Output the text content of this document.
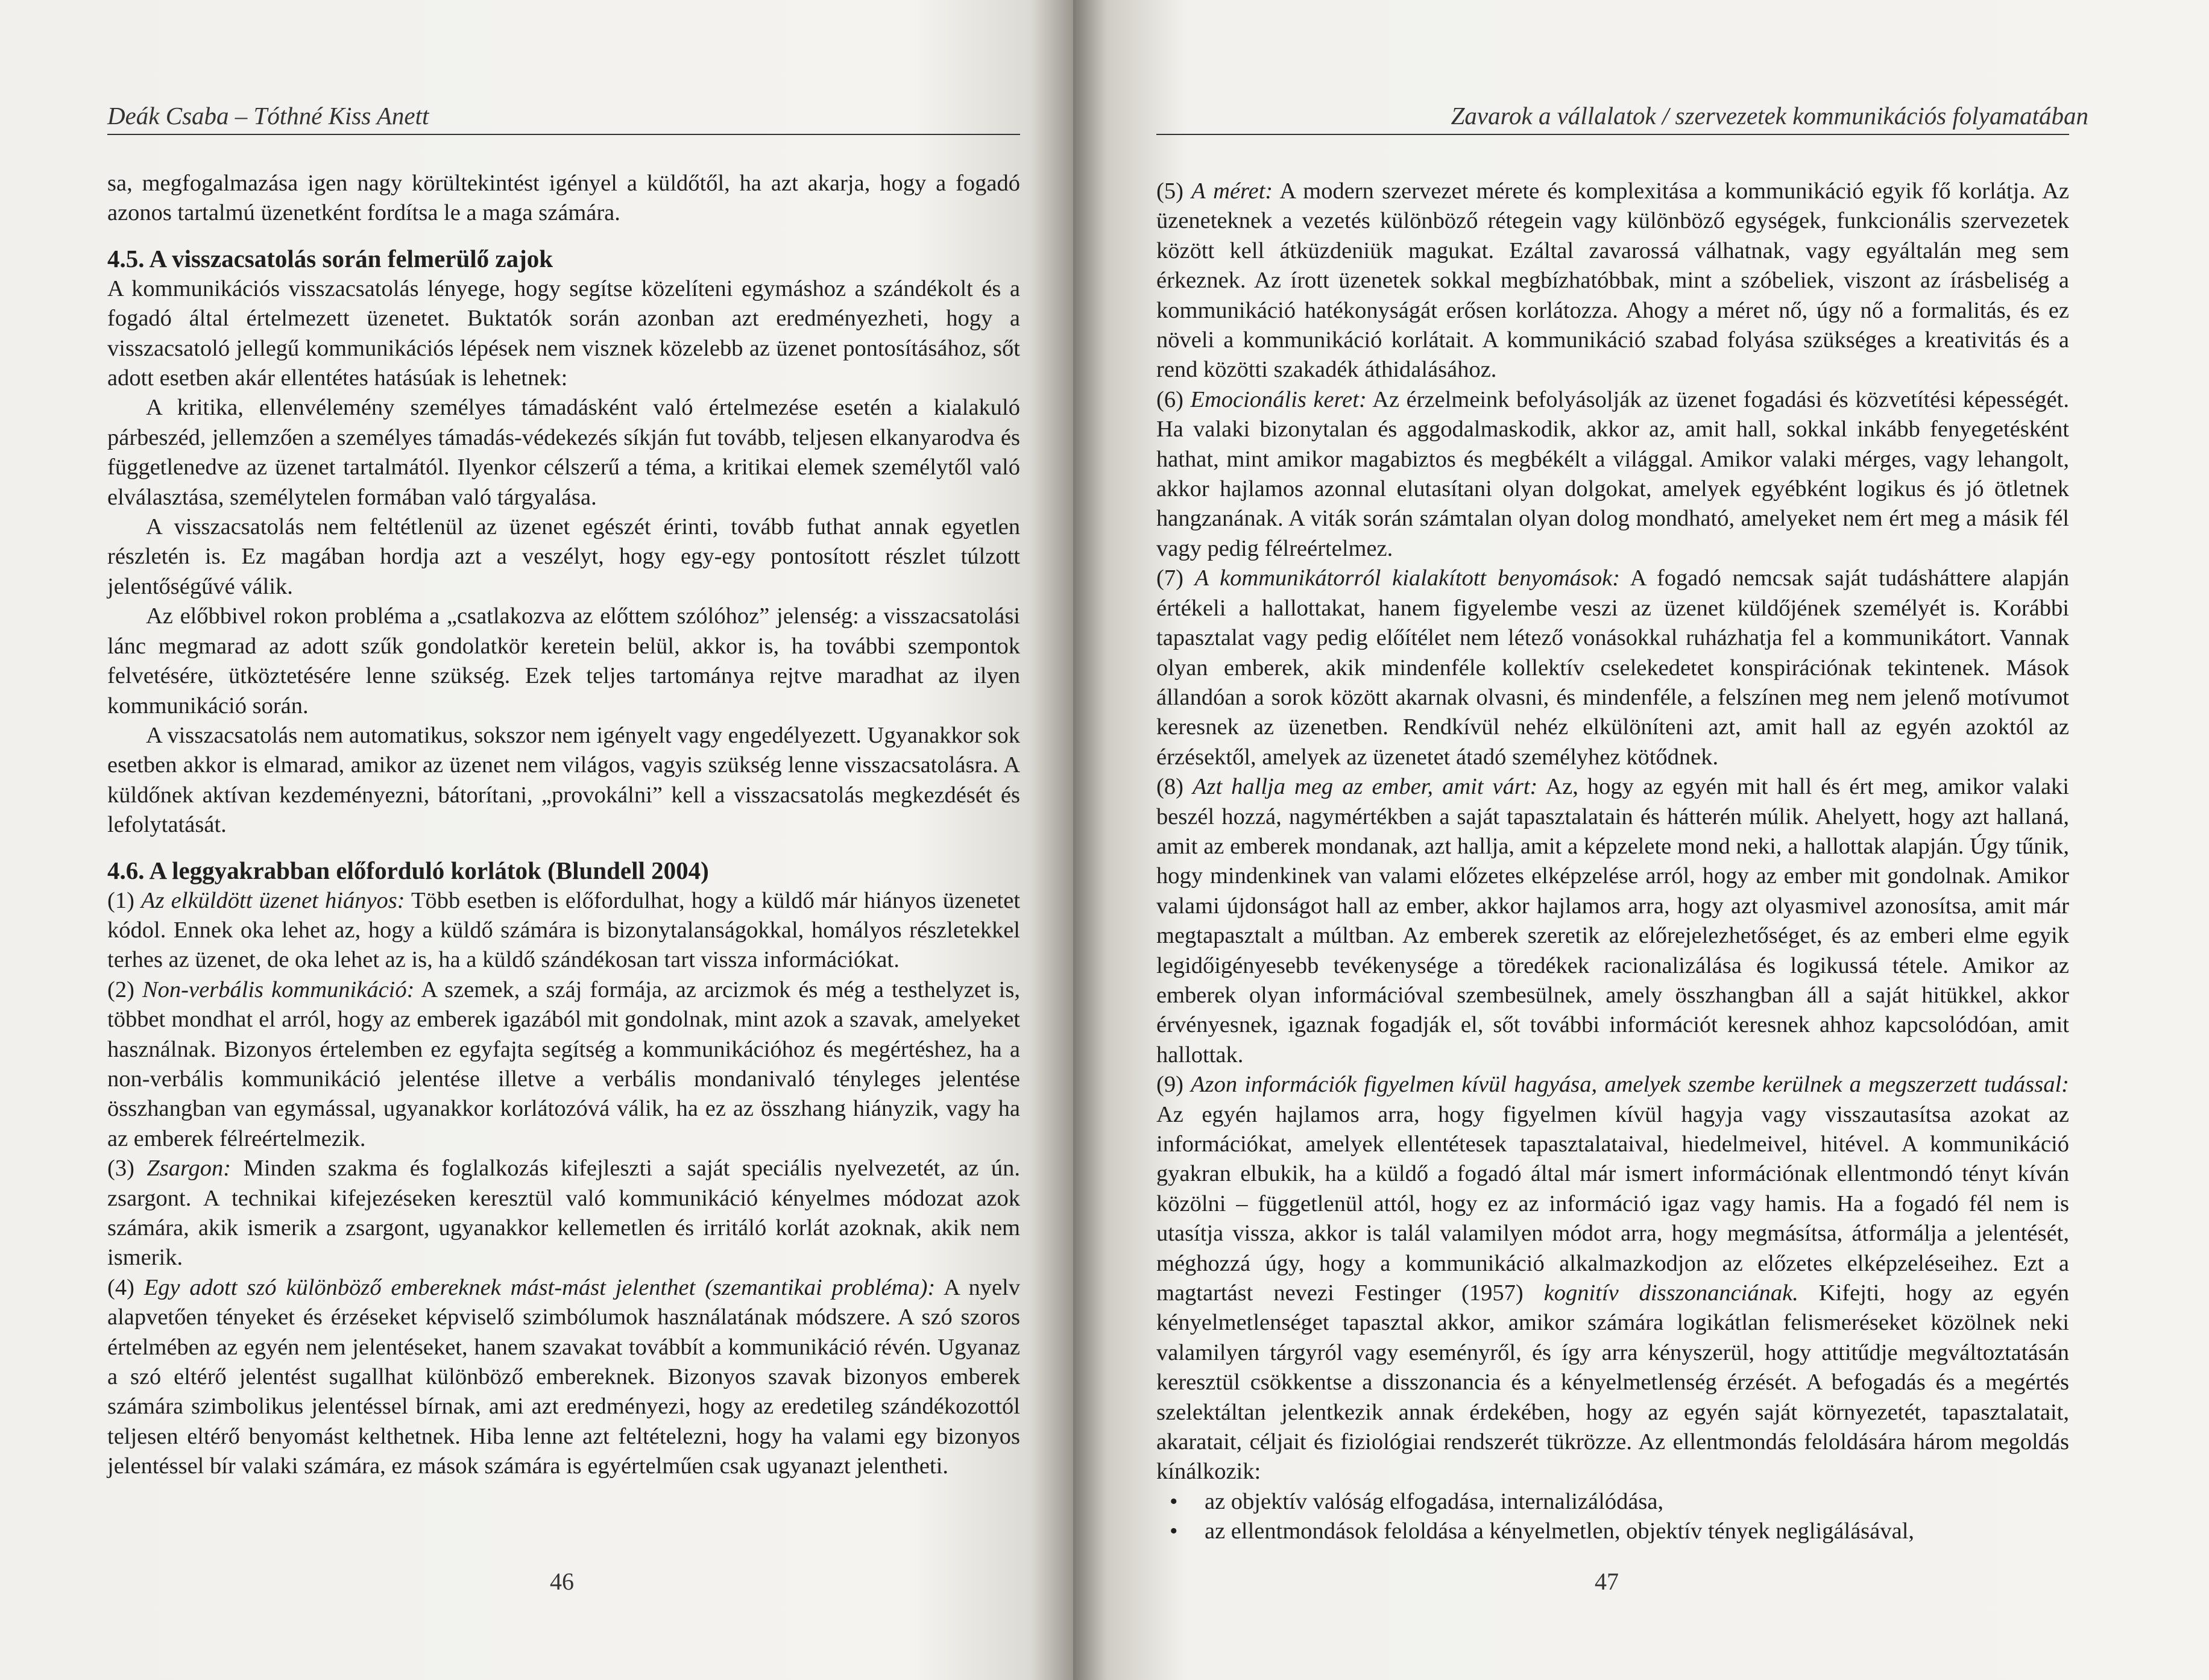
Deák Csaba – Tóthné Kiss Anett

sa, megfogalmazása igen nagy körültekintést igényel a küldőtől, ha azt akarja, hogy a fogadó azonos tartalmú üzenetként fordítsa le a maga számára.

4.5. A visszacsatolás során felmerülő zajok

A kommunikációs visszacsatolás lényege, hogy segítse közelíteni egymáshoz a szándékolt és a fogadó által értelmezett üzenetet. Buktatók során azonban azt eredményezheti, hogy a visszacsatoló jellegű kommunikációs lépések nem visznek közelebb az üzenet pontosításához, sőt adott esetben akár ellentétes hatásúak is lehetnek:

A kritika, ellenvélemény személyes támadásként való értelmezése esetén a kialakuló párbeszéd, jellemzően a személyes támadás-védekezés síkján fut tovább, teljesen elkanyarodva és függetlenedve az üzenet tartalmától. Ilyenkor célszerű a téma, a kritikai elemek személytől való elválasztása, személytelen formában való tárgyalása.

A visszacsatolás nem feltétlenül az üzenet egészét érinti, tovább futhat annak egyetlen részletén is. Ez magában hordja azt a veszélyt, hogy egy-egy pontosított részlet túlzott jelentőségűvé válik.

Az előbbivel rokon probléma a „csatlakozva az előttem szólóhoz” jelenség: a visszacsatolási lánc megmarad az adott szűk gondolatkör keretein belül, akkor is, ha további szempontok felvetésére, ütköztetésére lenne szükség. Ezek teljes tartománya rejtve maradhat az ilyen kommunikáció során.

A visszacsatolás nem automatikus, sokszor nem igényelt vagy engedélyezett. Ugyanakkor sok esetben akkor is elmarad, amikor az üzenet nem világos, vagyis szükség lenne visszacsatolásra. A küldőnek aktívan kezdeményezni, bátorítani, „provokálni” kell a visszacsatolás megkezdését és lefolytatását.

4.6. A leggyakrabban előforduló korlátok (Blundell 2004)

(1) Az elküldött üzenet hiányos: Több esetben is előfordulhat, hogy a küldő már hiányos üzenetet kódol. Ennek oka lehet az, hogy a küldő számára is bizonytalanságokkal, homályos részletekkel terhes az üzenet, de oka lehet az is, ha a küldő szándékosan tart vissza információkat.

(2) Non-verbális kommunikáció: A szemek, a száj formája, az arcizmok és még a testhelyzet is, többet mondhat el arról, hogy az emberek igazából mit gondolnak, mint azok a szavak, amelyeket használnak. Bizonyos értelemben ez egyfajta segítség a kommunikációhoz és megértéshez, ha a non-verbális kommunikáció jelentése illetve a verbális mondanivaló tényleges jelentése összhangban van egymással, ugyanakkor korlátozóvá válik, ha ez az összhang hiányzik, vagy ha az emberek félreértelmezik.

(3) Zsargon: Minden szakma és foglalkozás kifejleszti a saját speciális nyelvezetét, az ún. zsargont. A technikai kifejezéseken keresztül való kommunikáció kényelmes módozat azok számára, akik ismerik a zsargont, ugyanakkor kellemetlen és irritáló korlát azoknak, akik nem ismerik.

(4) Egy adott szó különböző embereknek mást-mást jelenthet (szemantikai probléma): A nyelv alapvetően tényeket és érzéseket képviselő szimbólumok használatának módszere. A szó szoros értelmében az egyén nem jelentéseket, hanem szavakat továbbít a kommunikáció révén. Ugyanaz a szó eltérő jelentést sugallhat különböző embereknek. Bizonyos szavak bizonyos emberek számára szimbolikus jelentéssel bírnak, ami azt eredményezi, hogy az eredetileg szándékozottól teljesen eltérő benyomást kelthetnek. Hiba lenne azt feltételezni, hogy ha valami egy bizonyos jelentéssel bír valaki számára, ez mások számára is egyértelműen csak ugyanazt jelentheti.

46
Zavarok a vállalatok / szervezetek kommunikációs folyamatában

(5) A méret: A modern szervezet mérete és komplexitása a kommunikáció egyik fő korlátja. Az üzeneteknek a vezetés különböző rétegein vagy különböző egységek, funkcionális szervezetek között kell átküzdeniük magukat. Ezáltal zavarossá válhatnak, vagy egyáltalán meg sem érkeznek. Az írott üzenetek sokkal megbízhatóbbak, mint a szóbeliek, viszont az írásbeliség a kommunikáció hatékonyságát erősen korlátozza. Ahogy a méret nő, úgy nő a formalitás, és ez növeli a kommunikáció korlátait. A kommunikáció szabad folyása szükséges a kreativitás és a rend közötti szakadék áthidalásához.

(6) Emocionális keret: Az érzelmeink befolyásolják az üzenet fogadási és közvetítési képességét. Ha valaki bizonytalan és aggodalmaskodik, akkor az, amit hall, sokkal inkább fenyegetésként hathat, mint amikor magabiztos és megbékélt a világgal. Amikor valaki mérges, vagy lehangolt, akkor hajlamos azonnal elutasítani olyan dolgokat, amelyek egyébként logikus és jó ötletnek hangzanának. A viták során számtalan olyan dolog mondható, amelyeket nem ért meg a másik fél vagy pedig félreértelmez.

(7) A kommunikátorról kialakított benyomások: A fogadó nemcsak saját tudásháttere alapján értékeli a hallottakat, hanem figyelembe veszi az üzenet küldőjének személyét is. Korábbi tapasztalat vagy pedig előítélet nem létező vonásokkal ruházhatja fel a kommunikátort. Vannak olyan emberek, akik mindenféle kollektív cselekedetet konspirációnak tekintenek. Mások állandóan a sorok között akarnak olvasni, és mindenféle, a felszínen meg nem jelenő motívumot keresnek az üzenetben. Rendkívül nehéz elkülöníteni azt, amit hall az egyén azoktól az érzésektől, amelyek az üzenetet átadó személyhez kötődnek.

(8) Azt hallja meg az ember, amit várt: Az, hogy az egyén mit hall és ért meg, amikor valaki beszél hozzá, nagymértékben a saját tapasztalatain és hátterén múlik. Ahelyett, hogy azt hallaná, amit az emberek mondanak, azt hallja, amit a képzelete mond neki, a hallottak alapján. Úgy tűnik, hogy mindenkinek van valami előzetes elképzelése arról, hogy az ember mit gondolnak. Amikor valami újdonságot hall az ember, akkor hajlamos arra, hogy azt olyasmivel azonosítsa, amit már megtapasztalt a múltban. Az emberek szeretik az előrejelezhetőséget, és az emberi elme egyik legidőigényesebb tevékenysége a töredékek racionalizálása és logikussá tétele. Amikor az emberek olyan információval szembesülnek, amely összhangban áll a saját hitükkel, akkor érvényesnek, igaznak fogadják el, sőt további információt keresnek ahhoz kapcsolódóan, amit hallottak.

(9) Azon információk figyelmen kívül hagyása, amelyek szembe kerülnek a megszerzett tudással: Az egyén hajlamos arra, hogy figyelmen kívül hagyja vagy visszautasítsa azokat az információkat, amelyek ellentétesek tapasztalataival, hiedelmeivel, hitével. A kommunikáció gyakran elbukik, ha a küldő a fogadó által már ismert információnak ellentmondó tényt kíván közölni – függetlenül attól, hogy ez az információ igaz vagy hamis. Ha a fogadó fél nem is utasítja vissza, akkor is talál valamilyen módot arra, hogy megmásítsa, átformálja a jelentését, méghozzá úgy, hogy a kommunikáció alkalmazkodjon az előzetes elképzeléseihez. Ezt a magtartást nevezi Festinger (1957) kognitív disszonanciának. Kifejti, hogy az egyén kényelmetlenséget tapasztal akkor, amikor számára logikátlan felismeréseket közölnek neki valamilyen tárgyról vagy eseményről, és így arra kényszerül, hogy attitűdje megváltoztatásán keresztül csökkentse a disszonancia és a kényelmetlenség érzését. A befogadás és a megértés szelektáltan jelentkezik annak érdekében, hogy az egyén saját környezetét, tapasztalatait, akaratait, céljait és fiziológiai rendszerét tükrözze. Az ellentmondás feloldására három megoldás kínálkozik:

• az objektív valóság elfogadása, internalizálódása,
• az ellentmondások feloldása a kényelmetlen, objektív tények negligálásával,
47
